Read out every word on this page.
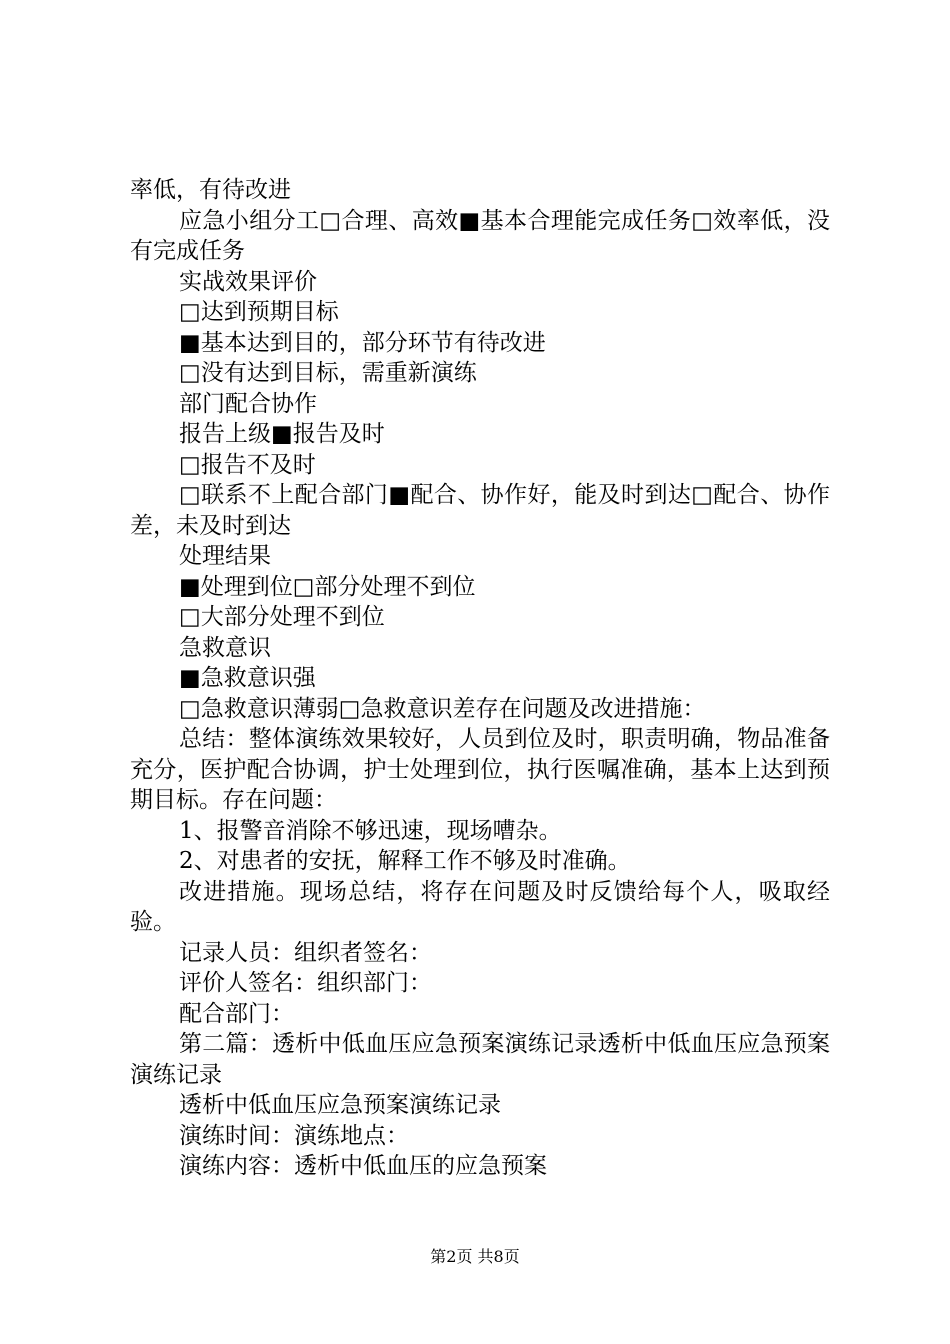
率低，有待改进

应急小组分工□合理、高效■基本合理能完成任务□效率低，没有完成任务

实战效果评价

□达到预期目标

■基本达到目的，部分环节有待改进

□没有达到目标，需重新演练

部门配合协作

报告上级■报告及时

□报告不及时

□联系不上配合部门■配合、协作好，能及时到达□配合、协作差，未及时到达

处理结果

■处理到位□部分处理不到位

□大部分处理不到位

急救意识

■急救意识强

□急救意识薄弱□急救意识差存在问题及改进措施：

总结：整体演练效果较好，人员到位及时，职责明确，物品准备充分，医护配合协调，护士处理到位，执行医嘱准确，基本上达到预期目标。存在问题：

1、报警音消除不够迅速，现场嘈杂。

2、对患者的安抚，解释工作不够及时准确。

改进措施。现场总结，将存在问题及时反馈给每个人，吸取经验。

记录人员：组织者签名：

评价人签名：组织部门：

配合部门：

第二篇：透析中低血压应急预案演练记录透析中低血压应急预案演练记录

透析中低血压应急预案演练记录

演练时间：演练地点：

演练内容：透析中低血压的应急预案

第2页 共8页
